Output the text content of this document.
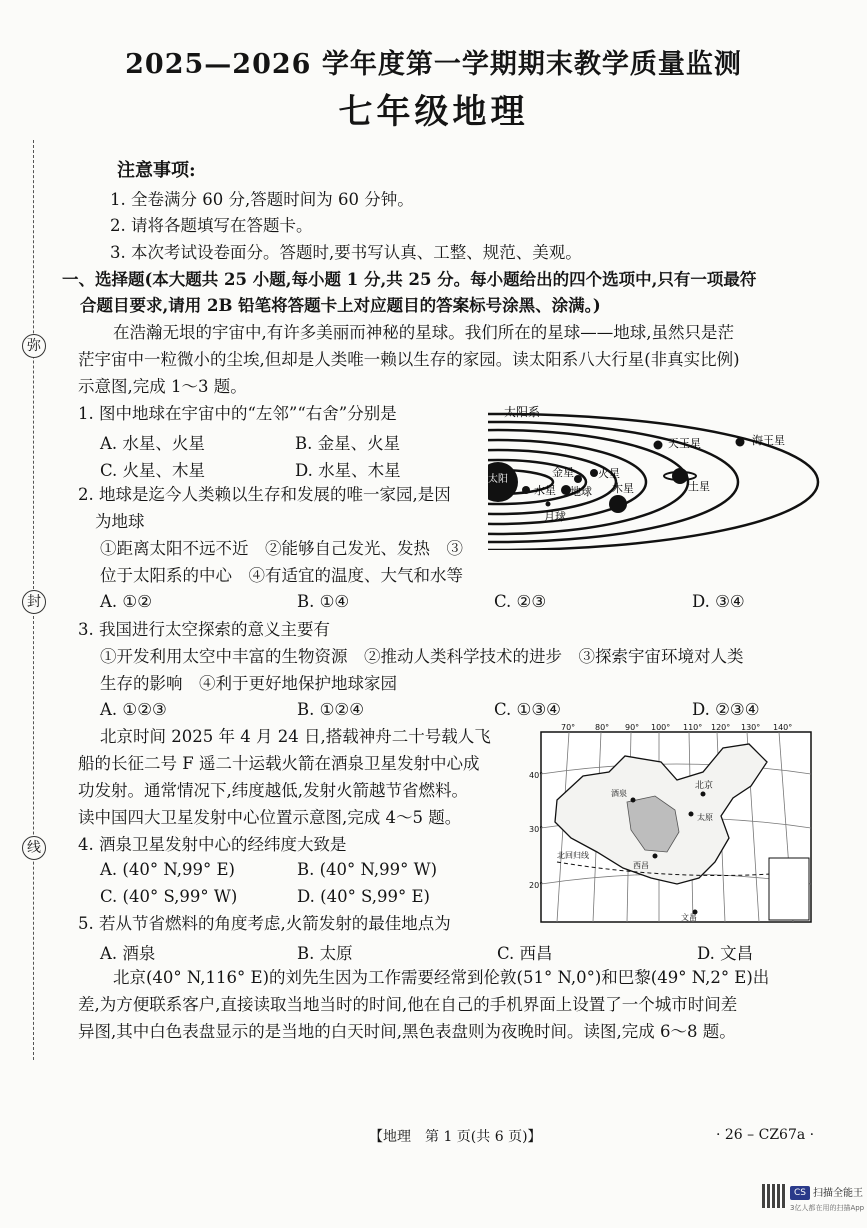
弥
封
线
2025—2026 学年度第一学期期末教学质量监测
七年级地理
注意事项:
1. 全卷满分 60 分,答题时间为 60 分钟。
2. 请将各题填写在答题卡。
3. 本次考试设卷面分。答题时,要书写认真、工整、规范、美观。
一、选择题(本大题共 25 小题,每小题 1 分,共 25 分。每小题给出的四个选项中,只有一项最符
合题目要求,请用 2B 铅笔将答题卡上对应题目的答案标号涂黑、涂满。)
在浩瀚无垠的宇宙中,有许多美丽而神秘的星球。我们所在的星球——地球,虽然只是茫
茫宇宙中一粒微小的尘埃,但却是人类唯一赖以生存的家园。读太阳系八大行星(非真实比例)
示意图,完成 1～3 题。
1. 图中地球在宇宙中的“左邻”“右舍”分别是
A. 水星、火星	B. 金星、火星
C. 火星、木星	D. 水星、木星
2. 地球是迄今人类赖以生存和发展的唯一家园,是因
为地球
①距离太阳不远不近　②能够自己发光、发热　③
位于太阳系的中心　④有适宜的温度、大气和水等
A. ①②	B. ①④	C. ②③	D. ③④
3. 我国进行太空探索的意义主要有
①开发利用太空中丰富的生物资源　②推动人类科学技术的进步　③探索宇宙环境对人类
生存的影响　④利于更好地保护地球家园
A. ①②③	B. ①②④	C. ①③④	D. ②③④
北京时间 2025 年 4 月 24 日,搭载神舟二十号载人飞
船的长征二号 F 遥二十运载火箭在酒泉卫星发射中心成
功发射。通常情况下,纬度越低,发射火箭越节省燃料。
读中国四大卫星发射中心位置示意图,完成 4～5 题。
4. 酒泉卫星发射中心的经纬度大致是
A. (40° N,99° E)	B. (40° N,99° W)
C. (40° S,99° W)	D. (40° S,99° E)
5. 若从节省燃料的角度考虑,火箭发射的最佳地点为
A. 酒泉	B. 太原	C. 西昌	D. 文昌
北京(40° N,116° E)的刘先生因为工作需要经常到伦敦(51° N,0°)和巴黎(49° N,2° E)出
差,为方便联系客户,直接读取当地当时的时间,他在自己的手机界面上设置了一个城市时间差
异图,其中白色表盘显示的是当地的白天时间,黑色表盘则为夜晚时间。读图,完成 6～8 题。
太阳系
太阳
水星
金星
地球
月球
火星
木星	土星
天王星	海王星
70° 80° 90° 100° 110° 120° 130° 140°
40°
30°
20°
北回归线
北京
太原
酒泉
西昌
文昌
【地理　第 1 页(共 6 页)】	· 26 – CZ67a ·
CS 扫描全能王
3亿人都在用的扫描App
